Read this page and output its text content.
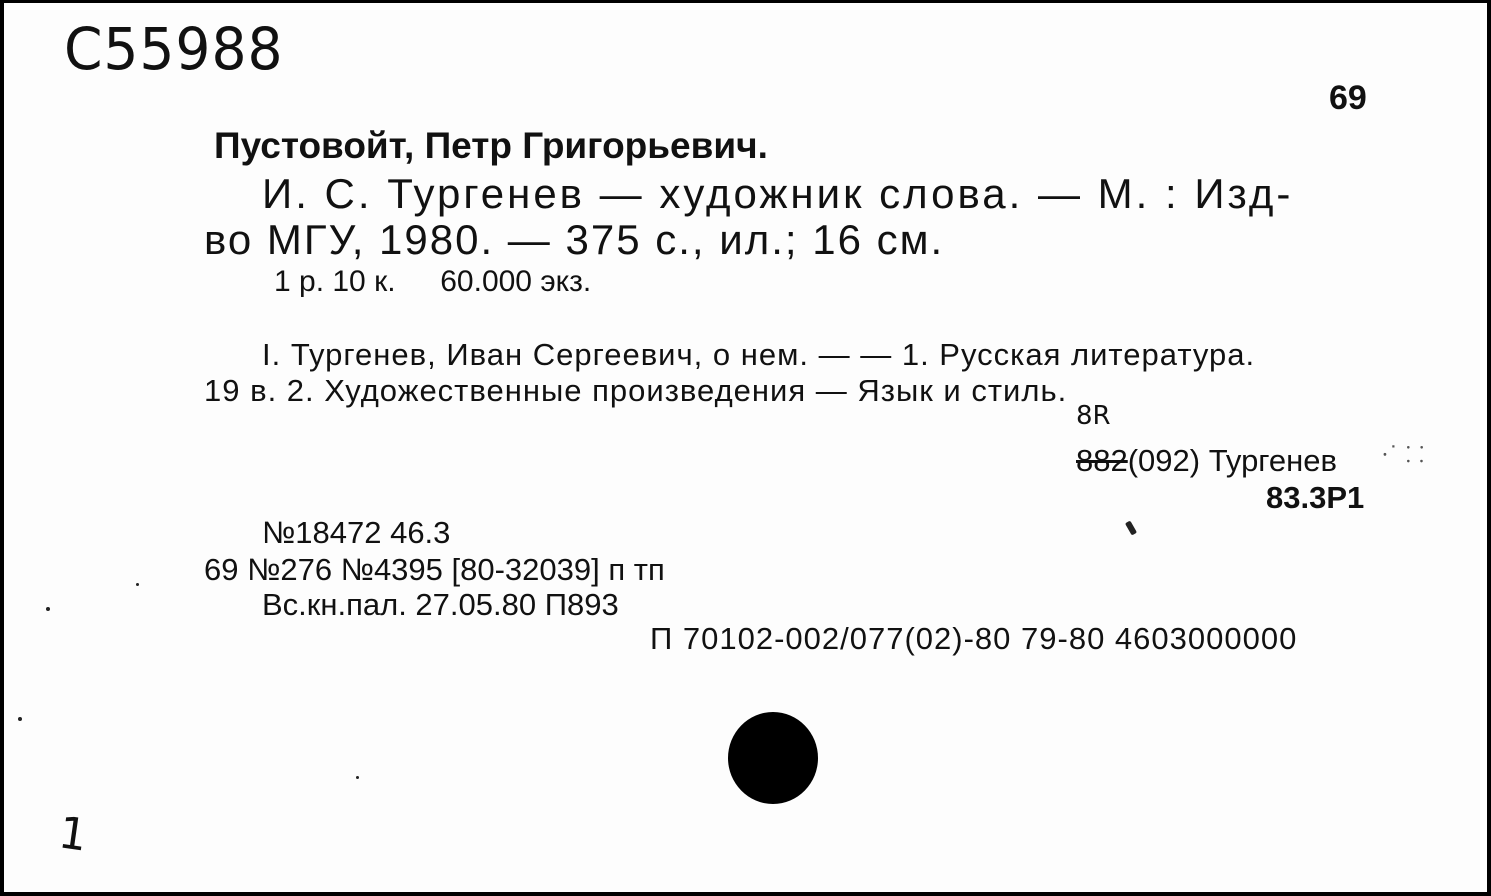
C55988
69
Пустовойт, Петр Григорьевич.
И. С. Тургенев — художник слова. — М. : Изд-
во МГУ, 1980. — 375 с., ил.; 16 см.
1 р. 10 к. 60.000 экз.
I. Тургенев, Иван Сергеевич, о нем. — — 1. Русская литература.
19 в. 2. Художественные произведения — Язык и стиль.
8R
882(092) Тургенев
83.3Р1
№18472 46.3
69 №276 №4395 [80-32039] п тп
Вс.кн.пал. 27.05.80 П893
П 70102-002/077(02)-80 79-80 4603000000
⸱˙ ⸬
1
